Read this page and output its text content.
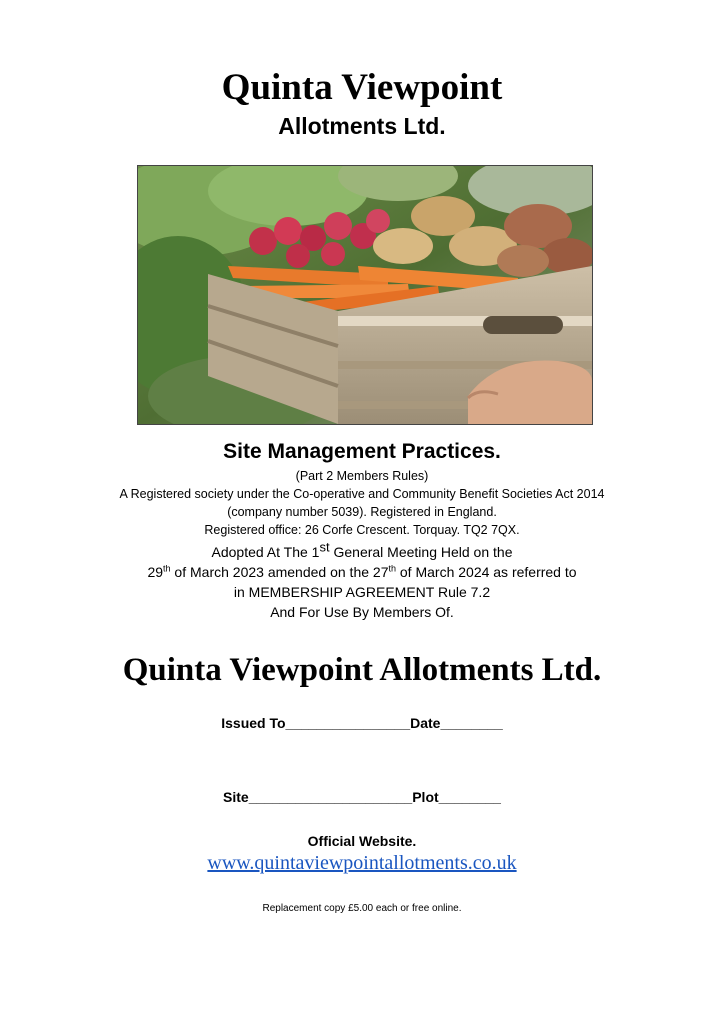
Quinta Viewpoint
Allotments Ltd.
Site Management Practices.
(Part 2 Members Rules)
A Registered society under the Co-operative and Community Benefit Societies Act 2014
(company number 5039). Registered in England.
Registered office: 26 Corfe Crescent. Torquay. TQ2 7QX.
Adopted At The 1st General Meeting Held on the
29th of March 2023 amended on the 27th of March 2024 as referred to
in MEMBERSHIP AGREEMENT Rule 7.2
And For Use By Members Of.
Quinta Viewpoint Allotments Ltd.
Issued To________________Date________
Site_____________________Plot________
Official Website.
www.quintaviewpointallotments.co.uk
Replacement copy £5.00 each or free online.
